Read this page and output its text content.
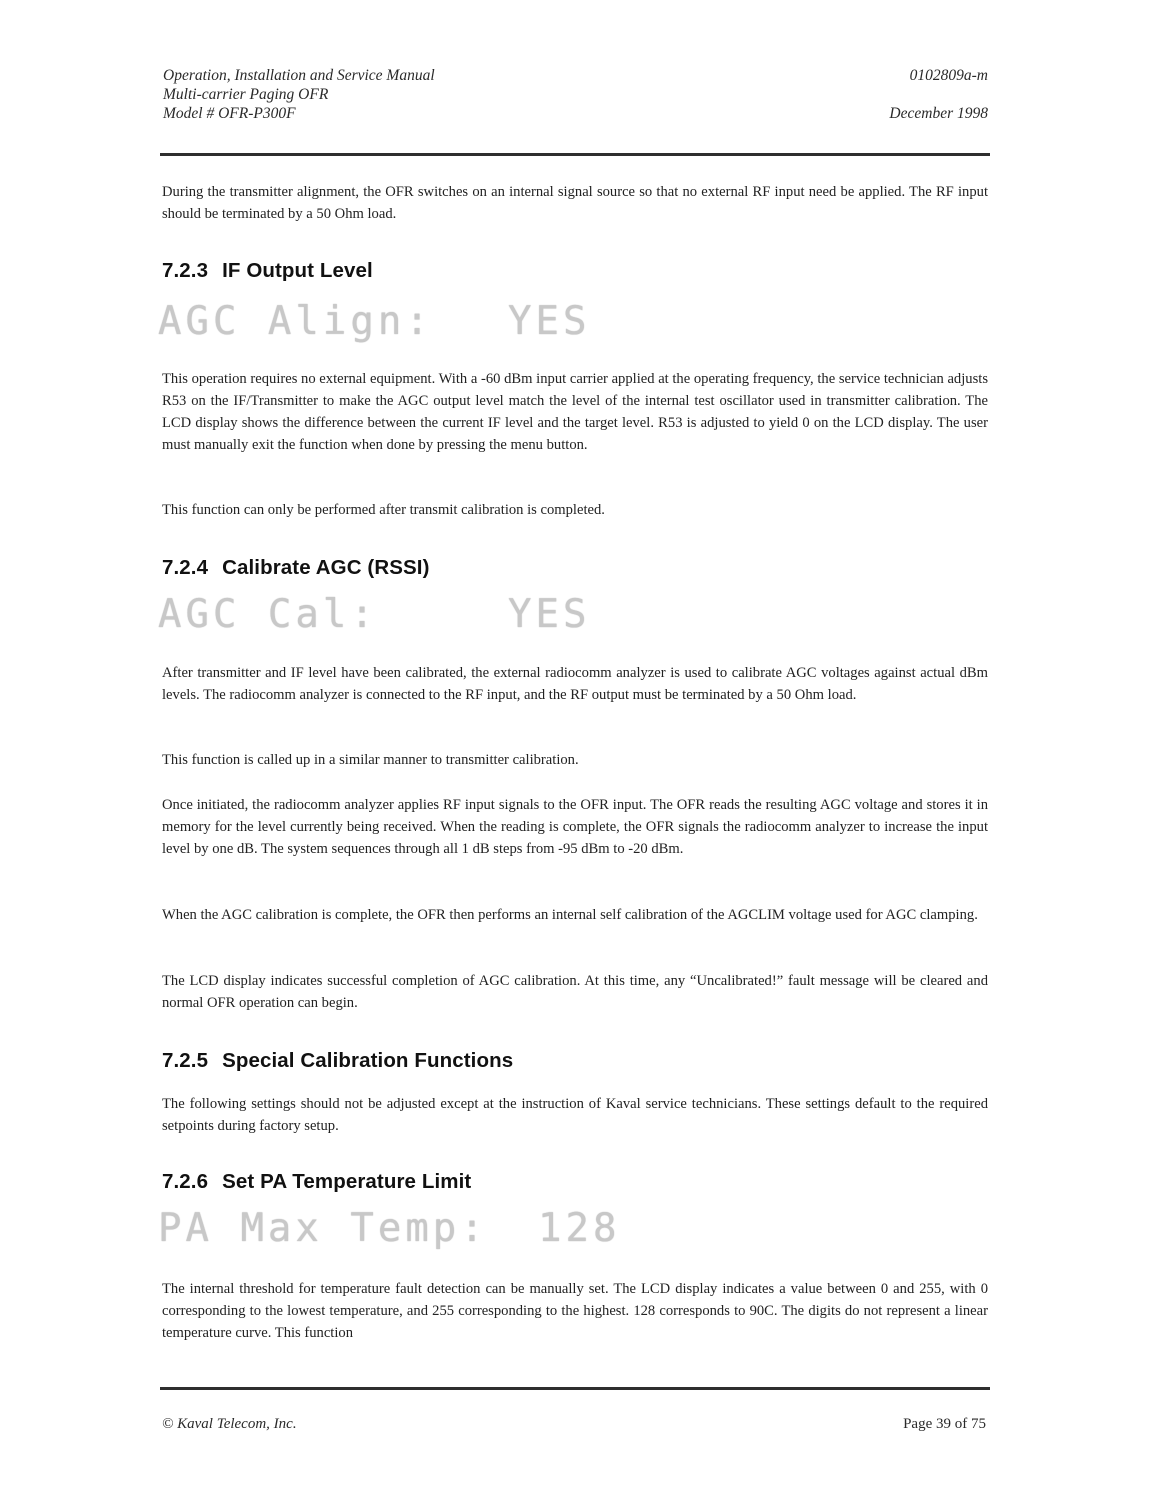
Operation, Installation and Service Manual
Multi-carrier Paging OFR
Model # OFR-P300F
0102809a-m
December 1998
During the transmitter alignment, the OFR switches on an internal signal source so that no external RF input need be applied. The RF input should be terminated by a 50 Ohm load.
7.2.3 IF Output Level

AGC Align:

YES

This operation requires no external equipment. With a -60 dBm input carrier applied at the operating frequency, the service technician adjusts R53 on the IF/Transmitter to make the AGC output level match the level of the internal test oscillator used in transmitter calibration. The LCD display shows the difference between the current IF level and the target level. R53 is adjusted to yield 0 on the LCD display. The user must manually exit the function when done by pressing the menu button.
This function can only be performed after transmit calibration is completed.
7.2.4 Calibrate AGC (RSSI)

AGC Cal:

	YES

After transmitter and IF level have been calibrated, the external radiocomm analyzer is used to calibrate AGC voltages against actual dBm levels. The radiocomm analyzer is connected to the RF input, and the RF output must be terminated by a 50 Ohm load.
This function is called up in a similar manner to transmitter calibration.
Once initiated, the radiocomm analyzer applies RF input signals to the OFR input. The OFR reads the resulting AGC voltage and stores it in memory for the level currently being received. When the reading is complete, the OFR signals the radiocomm analyzer to increase the input level by one dB. The system sequences through all 1 dB steps from -95 dBm to -20 dBm.
When the AGC calibration is complete, the OFR then performs an internal self calibration of the AGCLIM voltage used for AGC clamping.
The LCD display indicates successful completion of AGC calibration. At this time, any “Uncalibrated!” fault message will be cleared and normal OFR operation can begin.
7.2.5 Special Calibration Functions
The following settings should not be adjusted except at the instruction of Kaval service technicians. These settings default to the required setpoints during factory setup.
7.2.6 Set PA Temperature Limit

PA Max Temp:

128

The internal threshold for temperature fault detection can be manually set. The LCD display indicates a value between 0 and 255, with 0 corresponding to the lowest temperature, and 255 corresponding to the highest. 128 corresponds to 90C. The digits do not represent a linear temperature curve. This function
© Kaval Telecom, Inc.	Page 39 of 75
